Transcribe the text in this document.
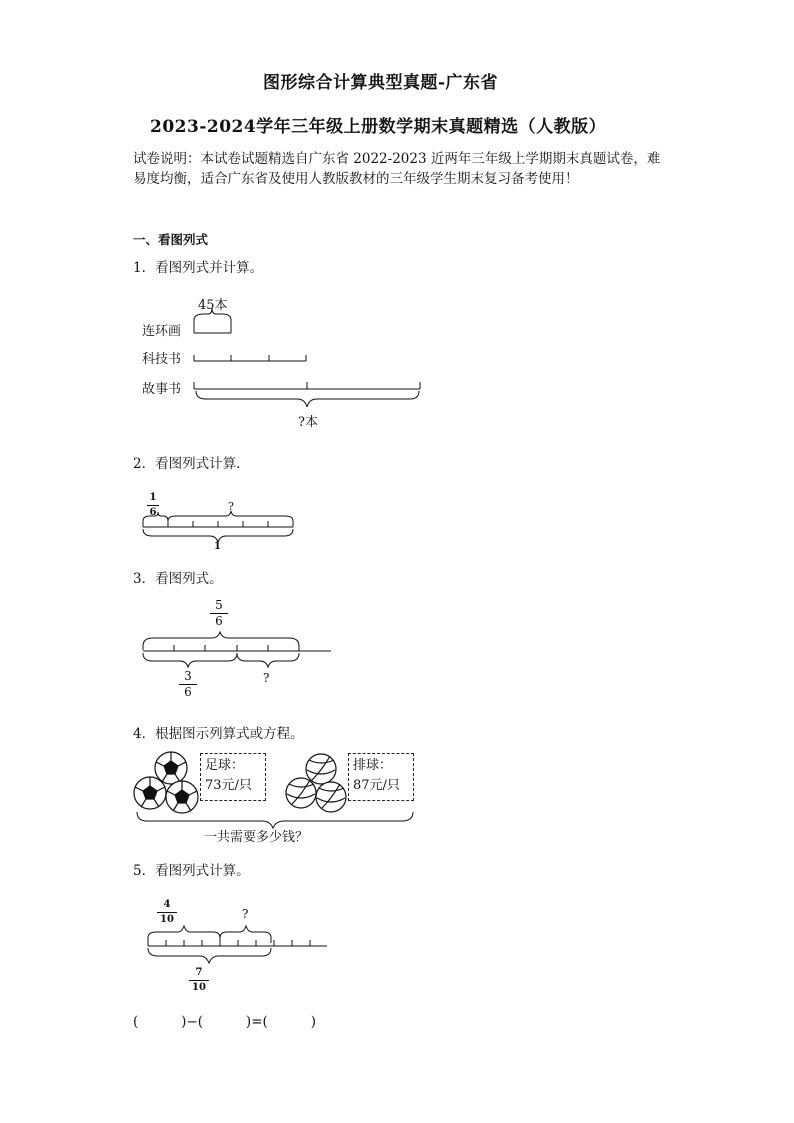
图形综合计算典型真题-广东省
2023-2024学年三年级上册数学期末真题精选（人教版）
试卷说明：本试卷试题精选自广东省 2022-2023 近两年三年级上学期期末真题试卷，难
易度均衡，适合广东省及使用人教版教材的三年级学生期末复习备考使用！
一、看图列式
1．看图列式并计算。
45本
连环画
科技书
故事书
?本
2．看图列式计算．
1
6	?
1
3．看图列式。
5
6
3
6
?
4．根据图示列算式或方程。
足球：
73元/只
排球：
87元/只
一共需要多少钱？
5．看图列式计算。
4
10	?
7
10
(          )−(          )=(          )
